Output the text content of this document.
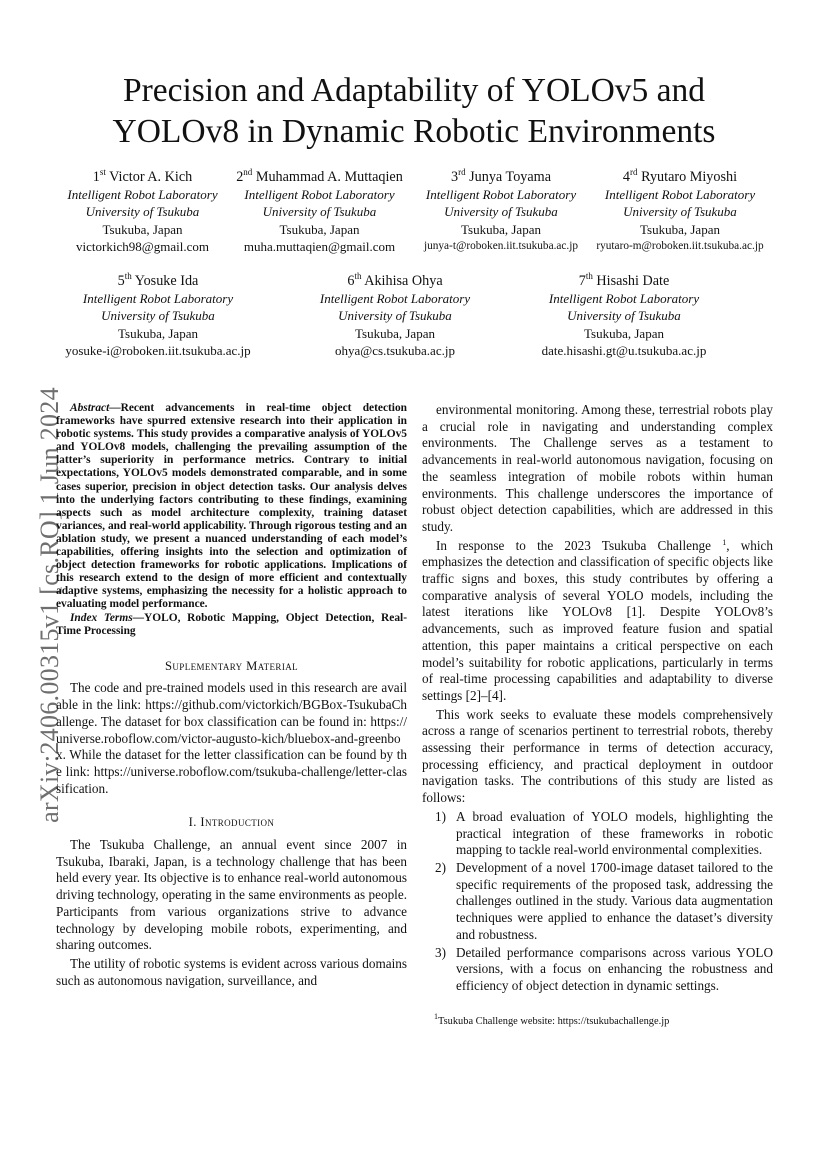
Precision and Adaptability of YOLOv5 and
YOLOv8 in Dynamic Robotic Environments
arXiv:2406.00315v1 [cs.RO] 1 Jun 2024
1st Victor A. Kich
Intelligent Robot Laboratory
University of Tsukuba
Tsukuba, Japan
victorkich98@gmail.com
2nd Muhammad A. Muttaqien
Intelligent Robot Laboratory
University of Tsukuba
Tsukuba, Japan
muha.muttaqien@gmail.com
3rd Junya Toyama
Intelligent Robot Laboratory
University of Tsukuba
Tsukuba, Japan
junya-t@roboken.iit.tsukuba.ac.jp
4rd Ryutaro Miyoshi
Intelligent Robot Laboratory
University of Tsukuba
Tsukuba, Japan
ryutaro-m@roboken.iit.tsukuba.ac.jp
5th Yosuke Ida
Intelligent Robot Laboratory
University of Tsukuba
Tsukuba, Japan
yosuke-i@roboken.iit.tsukuba.ac.jp
6th Akihisa Ohya
Intelligent Robot Laboratory
University of Tsukuba
Tsukuba, Japan
ohya@cs.tsukuba.ac.jp
7th Hisashi Date
Intelligent Robot Laboratory
University of Tsukuba
Tsukuba, Japan
date.hisashi.gt@u.tsukuba.ac.jp

Abstract—Recent advancements in real-time object detection frameworks have spurred extensive research into their application in robotic systems. This study provides a comparative analysis of YOLOv5 and YOLOv8 models, challenging the prevailing assumption of the latter’s superiority in performance metrics. Contrary to initial expectations, YOLOv5 models demonstrated comparable, and in some cases superior, precision in object detection tasks. Our analysis delves into the underlying factors contributing to these findings, examining aspects such as model architecture complexity, training dataset variances, and real-world applicability. Through rigorous testing and an ablation study, we present a nuanced understanding of each model’s capabilities, offering insights into the selection and optimization of object detection frameworks for robotic applications. Implications of this research extend to the design of more efficient and contextually adaptive systems, emphasizing the necessity for a holistic approach to evaluating model performance.

Index Terms—YOLO, Robotic Mapping, Object Detection, Real-Time Processing

Suplementary Material

The code and pre-trained models used in this research are available in the link: https://github.com/victorkich/BGBox-TsukubaChallenge. The dataset for box classification can be found in: https://universe.roboflow.com/victor-augusto-kich/bluebox-and-greenbox. While the dataset for the letter classification can be found by the link: https://universe.roboflow.com/tsukuba-challenge/letter-classification.

I. Introduction

The Tsukuba Challenge, an annual event since 2007 in Tsukuba, Ibaraki, Japan, is a technology challenge that has been held every year. Its objective is to enhance real-world autonomous driving technology, operating in the same environments as people. Participants from various organizations strive to advance technology by developing mobile robots, experimenting, and sharing outcomes.

The utility of robotic systems is evident across various domains such as autonomous navigation, surveillance, and

environmental monitoring. Among these, terrestrial robots play a crucial role in navigating and understanding complex environments. The Challenge serves as a testament to advancements in real-world autonomous navigation, focusing on the seamless integration of mobile robots within human environments. This challenge underscores the importance of robust object detection capabilities, which are addressed in this study.

In response to the 2023 Tsukuba Challenge $^1$, which emphasizes the detection and classification of specific objects like traffic signs and boxes, this study contributes by offering a comparative analysis of several YOLO models, including the latest iterations like YOLOv8 [1]. Despite YOLOv8’s advancements, such as improved feature fusion and spatial attention, this paper maintains a critical perspective on each model’s suitability for robotic applications, particularly in terms of real-time processing capabilities and adaptability to diverse settings [2]–[4].

This work seeks to evaluate these models comprehensively across a range of scenarios pertinent to terrestrial robots, thereby assessing their performance in terms of detection accuracy, processing efficiency, and practical deployment in outdoor navigation tasks. The contributions of this study are listed as follows:

1) A broad evaluation of YOLO models, highlighting the practical integration of these frameworks in robotic mapping to tackle real-world environmental complexities.
2) Development of a novel 1700-image dataset tailored to the specific requirements of the proposed task, addressing the challenges outlined in the study. Various data augmentation techniques were applied to enhance the dataset’s diversity and robustness.
3) Detailed performance comparisons across various YOLO versions, with a focus on enhancing the robustness and efficiency of object detection in dynamic settings.
$^1$Tsukuba Challenge website: https://tsukubachallenge.jp
